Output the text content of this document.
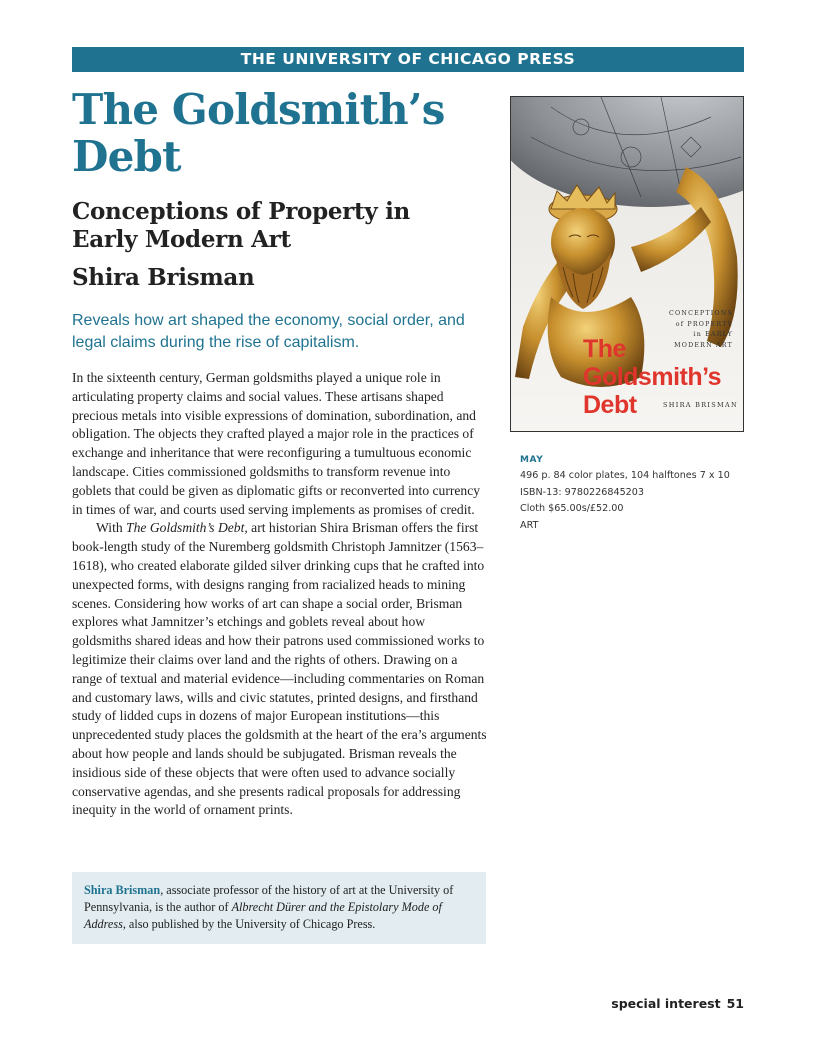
THE UNIVERSITY OF CHICAGO PRESS
The Goldsmith’s Debt
Conceptions of Property in Early Modern Art
Shira Brisman

Reveals how art shaped the economy, social order, and legal claims during the rise of capitalism.

In the sixteenth century, German goldsmiths played a unique role in articulating property claims and social values. These artisans shaped precious metals into visible expressions of domination, subordination, and obligation. The objects they crafted played a major role in the practices of exchange and inheritance that were reconfiguring a tumultuous economic landscape. Cities commissioned goldsmiths to transform revenue into goblets that could be given as diplomatic gifts or reconverted into currency in times of war, and courts used serving implements as promises of credit.

With The Goldsmith’s Debt, art historian Shira Brisman offers the first book-length study of the Nuremberg goldsmith Christoph Jamnitzer (1563–1618), who created elaborate gilded silver drinking cups that he crafted into unexpected forms, with designs ranging from racialized heads to mining scenes. Considering how works of art can shape a social order, Brisman explores what Jamnitzer’s etchings and goblets reveal about how goldsmiths shared ideas and how their patrons used commissioned works to legitimize their claims over land and the rights of others. Drawing on a range of textual and material evidence—including commentaries on Roman and customary laws, wills and civic statutes, printed designs, and firsthand study of lidded cups in dozens of major European institutions—this unprecedented study places the goldsmith at the heart of the era’s arguments about how people and lands should be subjugated. Brisman reveals the insidious side of these objects that were often used to advance socially conservative agendas, and she presents radical proposals for addressing inequity in the world of ornament prints.

Shira Brisman, associate professor of the history of art at the University of Pennsylvania, is the author of Albrecht Dürer and the Epistolary Mode of Address, also published by the University of Chicago Press.
CONCEPTIONS
of PROPERTY
in EARLY
MODERN ART
The Goldsmith’s Debt	SHIRA BRISMAN
MAY
496 p. 84 color plates, 104 halftones 7 x 10
ISBN-13: 9780226845203
Cloth $65.00s/£52.00
ART
special interest 51
